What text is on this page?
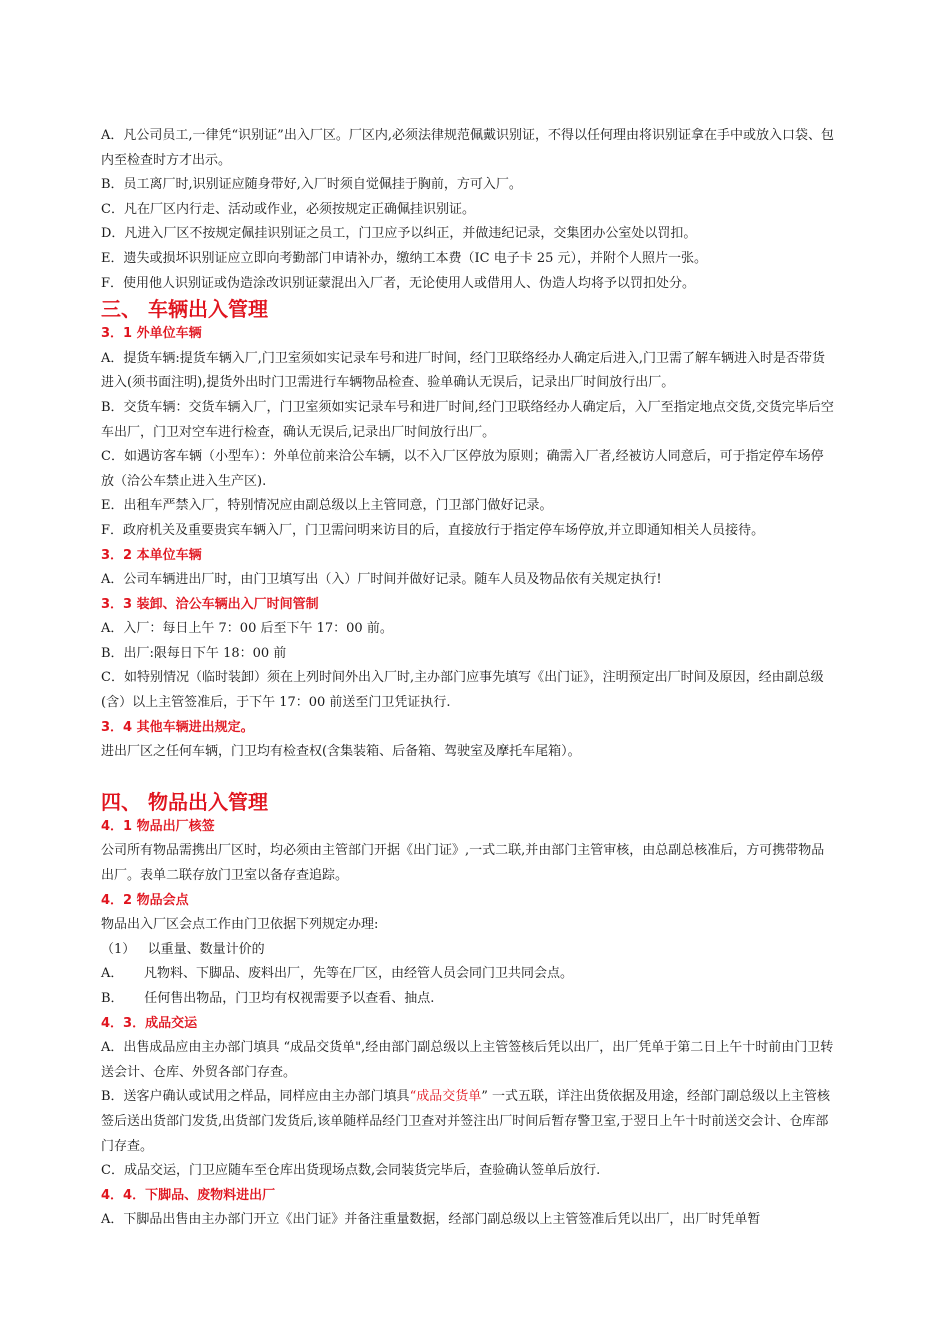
A．凡公司员工,一律凭“识别证”出入厂区。厂区内,必须法律规范佩戴识别证，不得以任何理由将识别证拿在手中或放入口袋、包内至检查时方才出示。

B．员工离厂时,识别证应随身带好,入厂时须自觉佩挂于胸前，方可入厂。

C．凡在厂区内行走、活动或作业，必须按规定正确佩挂识别证。

D．凡进入厂区不按规定佩挂识别证之员工，门卫应予以纠正，并做违纪记录，交集团办公室处以罚扣。

E．遗失或损坏识别证应立即向考勤部门申请补办，缴纳工本费（IC 电子卡 25 元），并附个人照片一张。

F．使用他人识别证或伪造涂改识别证蒙混出入厂者，无论使用人或借用人、伪造人均将予以罚扣处分。

三、 车辆出入管理
3．1 外单位车辆

A．提货车辆:提货车辆入厂,门卫室须如实记录车号和进厂时间，经门卫联络经办人确定后进入,门卫需了解车辆进入时是否带货进入(须书面注明),提货外出时门卫需进行车辆物品检查、验单确认无误后，记录出厂时间放行出厂。

B．交货车辆：交货车辆入厂，门卫室须如实记录车号和进厂时间,经门卫联络经办人确定后，入厂至指定地点交货,交货完毕后空车出厂，门卫对空车进行检查，确认无误后,记录出厂时间放行出厂。

C．如遇访客车辆（小型车）：外单位前来洽公车辆，以不入厂区停放为原则；确需入厂者,经被访人同意后，可于指定停车场停放（洽公车禁止进入生产区).

E．出租车严禁入厂，特别情况应由副总级以上主管同意，门卫部门做好记录。

F．政府机关及重要贵宾车辆入厂，门卫需问明来访目的后，直接放行于指定停车场停放,并立即通知相关人员接待。

3．2 本单位车辆

A．公司车辆进出厂时，由门卫填写出（入）厂时间并做好记录。随车人员及物品依有关规定执行!

3．3 装卸、洽公车辆出入厂时间管制

A．入厂：每日上午 7：00 后至下午 17：00 前。

B．出厂:限每日下午 18：00 前

C．如特别情况（临时装卸）须在上列时间外出入厂时,主办部门应事先填写《出门证》，注明预定出厂时间及原因，经由副总级(含）以上主管签准后，于下午 17：00 前送至门卫凭证执行.

3．4 其他车辆进出规定。

进出厂区之任何车辆，门卫均有检查权(含集装箱、后备箱、驾驶室及摩托车尾箱）。

四、 物品出入管理
4．1 物品出厂核签

公司所有物品需携出厂区时，均必须由主管部门开据《出门证》,一式二联,并由部门主管审核，由总副总核准后，方可携带物品出厂。表单二联存放门卫室以备存查追踪。

4．2 物品会点

物品出入厂区会点工作由门卫依据下列规定办理:

（1）   以重量、数量计价的

A．     凡物料、下脚品、废料出厂，先等在厂区，由经管人员会同门卫共同会点。

B．     任何售出物品，门卫均有权视需要予以查看、抽点.

4．3．成品交运

A．出售成品应由主办部门填具 “成品交货单",经由部门副总级以上主管签核后凭以出厂，出厂凭单于第二日上午十时前由门卫转送会计、仓库、外贸各部门存查。

B．送客户确认或试用之样品，同样应由主办部门填具“成品交货单” 一式五联，详注出货依据及用途，经部门副总级以上主管核签后送出货部门发货,出货部门发货后,该单随样品经门卫查对并签注出厂时间后暂存警卫室,于翌日上午十时前送交会计、仓库部门存查。

C．成品交运，门卫应随车至仓库出货现场点数,会同装货完毕后，查验确认签单后放行.

4．4．下脚品、废物料进出厂

A．下脚品出售由主办部门开立《出门证》并备注重量数据，经部门副总级以上主管签准后凭以出厂，出厂时凭单暂
